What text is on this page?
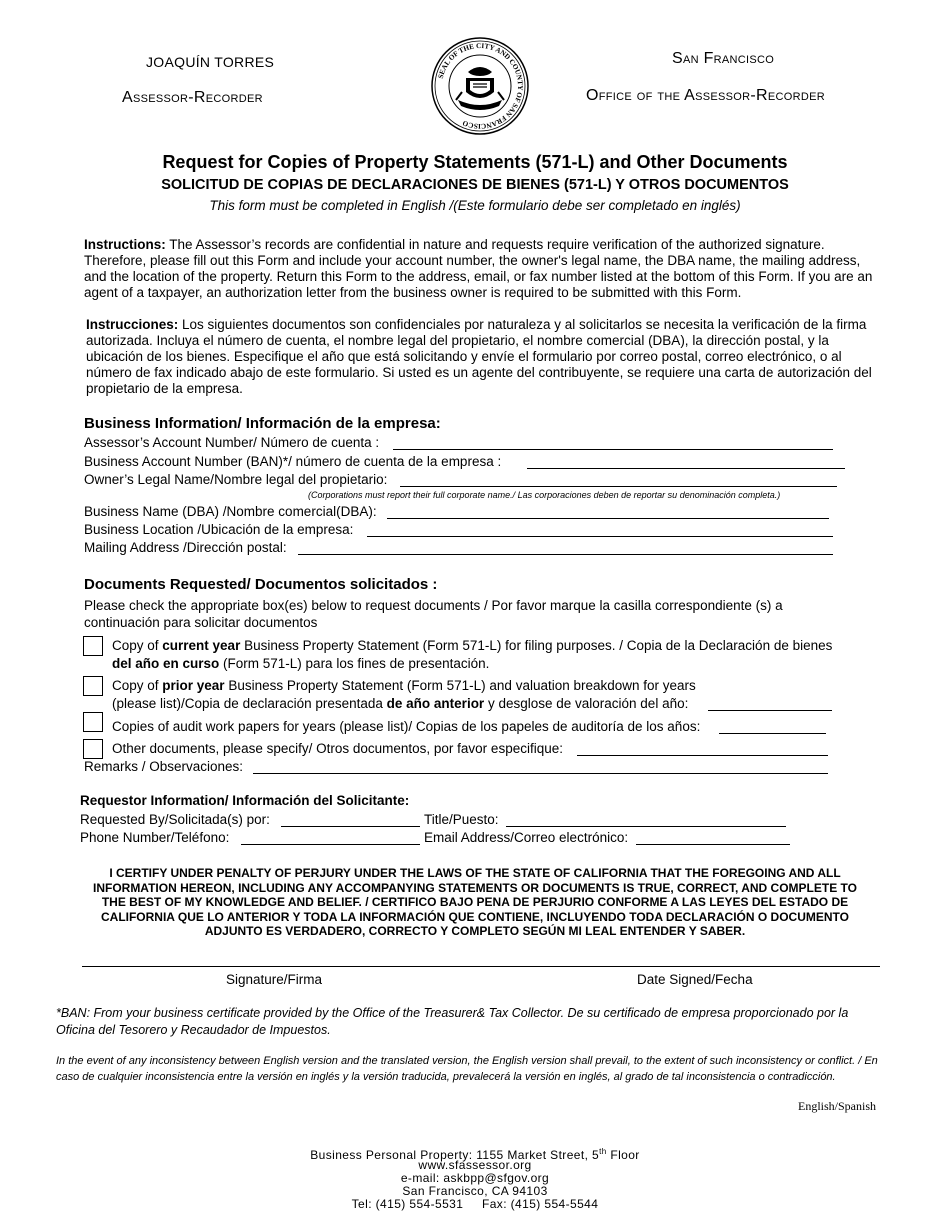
JOAQUÍN TORRES
Assessor-Recorder
San Francisco
Office of the Assessor-Recorder
SEAL OF THE CITY AND COUNTY OF SAN FRANCISCO
Request for Copies of Property Statements (571-L) and Other Documents
SOLICITUD DE COPIAS DE DECLARACIONES DE BIENES (571-L) Y OTROS DOCUMENTOS
This form must be completed in English /(Este formulario debe ser completado en inglés)
Instructions: The Assessor’s records are confidential in nature and requests require verification of the authorized signature. Therefore, please fill out this Form and include your account number, the owner's legal name, the DBA name, the mailing address, and the location of the property. Return this Form to the address, email, or fax number listed at the bottom of this Form. If you are an agent of a taxpayer, an authorization letter from the business owner is required to be submitted with this Form.
Instrucciones: Los siguientes documentos son confidenciales por naturaleza y al solicitarlos se necesita la verificación de la firma autorizada. Incluya el número de cuenta, el nombre legal del propietario, el nombre comercial (DBA), la dirección postal, y la ubicación de los bienes. Especifique el año que está solicitando y envíe el formulario por correo postal, correo electrónico, o al número de fax indicado abajo de este formulario. Si usted es un agente del contribuyente, se requiere una carta de autorización del propietario de la empresa.
Business Information/ Información de la empresa:
Assessor’s Account Number/ Número de cuenta :
Business Account Number (BAN)*/ número de cuenta de la empresa :
Owner’s Legal Name/Nombre legal del propietario:
(Corporations must report their full corporate name./ Las corporaciones deben de reportar su denominación completa.)
Business Name (DBA) /Nombre comercial(DBA):
Business Location /Ubicación de la empresa:
Mailing Address /Dirección postal:
Documents Requested/ Documentos solicitados :
Please check the appropriate box(es) below to request documents / Por favor marque la casilla correspondiente (s) a
continuación para solicitar documentos
Copy of current year Business Property Statement (Form 571-L) for filing purposes. / Copia de la Declaración de bienes
del año en curso (Form 571-L) para los fines de presentación.
Copy of prior year Business Property Statement (Form 571-L) and valuation breakdown for years
(please list)/Copia de declaración presentada de año anterior y desglose de valoración del año:
Copies of audit work papers for years (please list)/ Copias de los papeles de auditoría de los años:
Other documents, please specify/ Otros documentos, por favor especifique:
Remarks / Observaciones:
Requestor Information/ Información del Solicitante:
Requested By/Solicitada(s) por:	Title/Puesto:
Phone Number/Teléfono:	Email Address/Correo electrónico:
I CERTIFY UNDER PENALTY OF PERJURY UNDER THE LAWS OF THE STATE OF CALIFORNIA THAT THE FOREGOING AND ALL INFORMATION HEREON, INCLUDING ANY ACCOMPANYING STATEMENTS OR DOCUMENTS IS TRUE, CORRECT, AND COMPLETE TO THE BEST OF MY KNOWLEDGE AND BELIEF. / CERTIFICO BAJO PENA DE PERJURIO CONFORME A LAS LEYES DEL ESTADO DE CALIFORNIA QUE LO ANTERIOR Y TODA LA INFORMACIÓN QUE CONTIENE, INCLUYENDO TODA DECLARACIÓN O DOCUMENTO ADJUNTO ES VERDADERO, CORRECTO Y COMPLETO SEGÚN MI LEAL ENTENDER Y SABER.
Signature/Firma	Date Signed/Fecha
*BAN: From your business certificate provided by the Office of the Treasurer& Tax Collector. De su certificado de empresa proporcionado por la Oficina del Tesorero y Recaudador de Impuestos.
In the event of any inconsistency between English version and the translated version, the English version shall prevail, to the extent of such inconsistency or conflict. / En caso de cualquier inconsistencia entre la versión en inglés y la versión traducida, prevalecerá la versión en inglés, al grado de tal inconsistencia o contradicción.
English/Spanish
Business Personal Property: 1155 Market Street, 5th Floor
www.sfassessor.org
e-mail: askbpp@sfgov.org
San Francisco, CA 94103
Tel: (415) 554-5531     Fax: (415) 554-5544
